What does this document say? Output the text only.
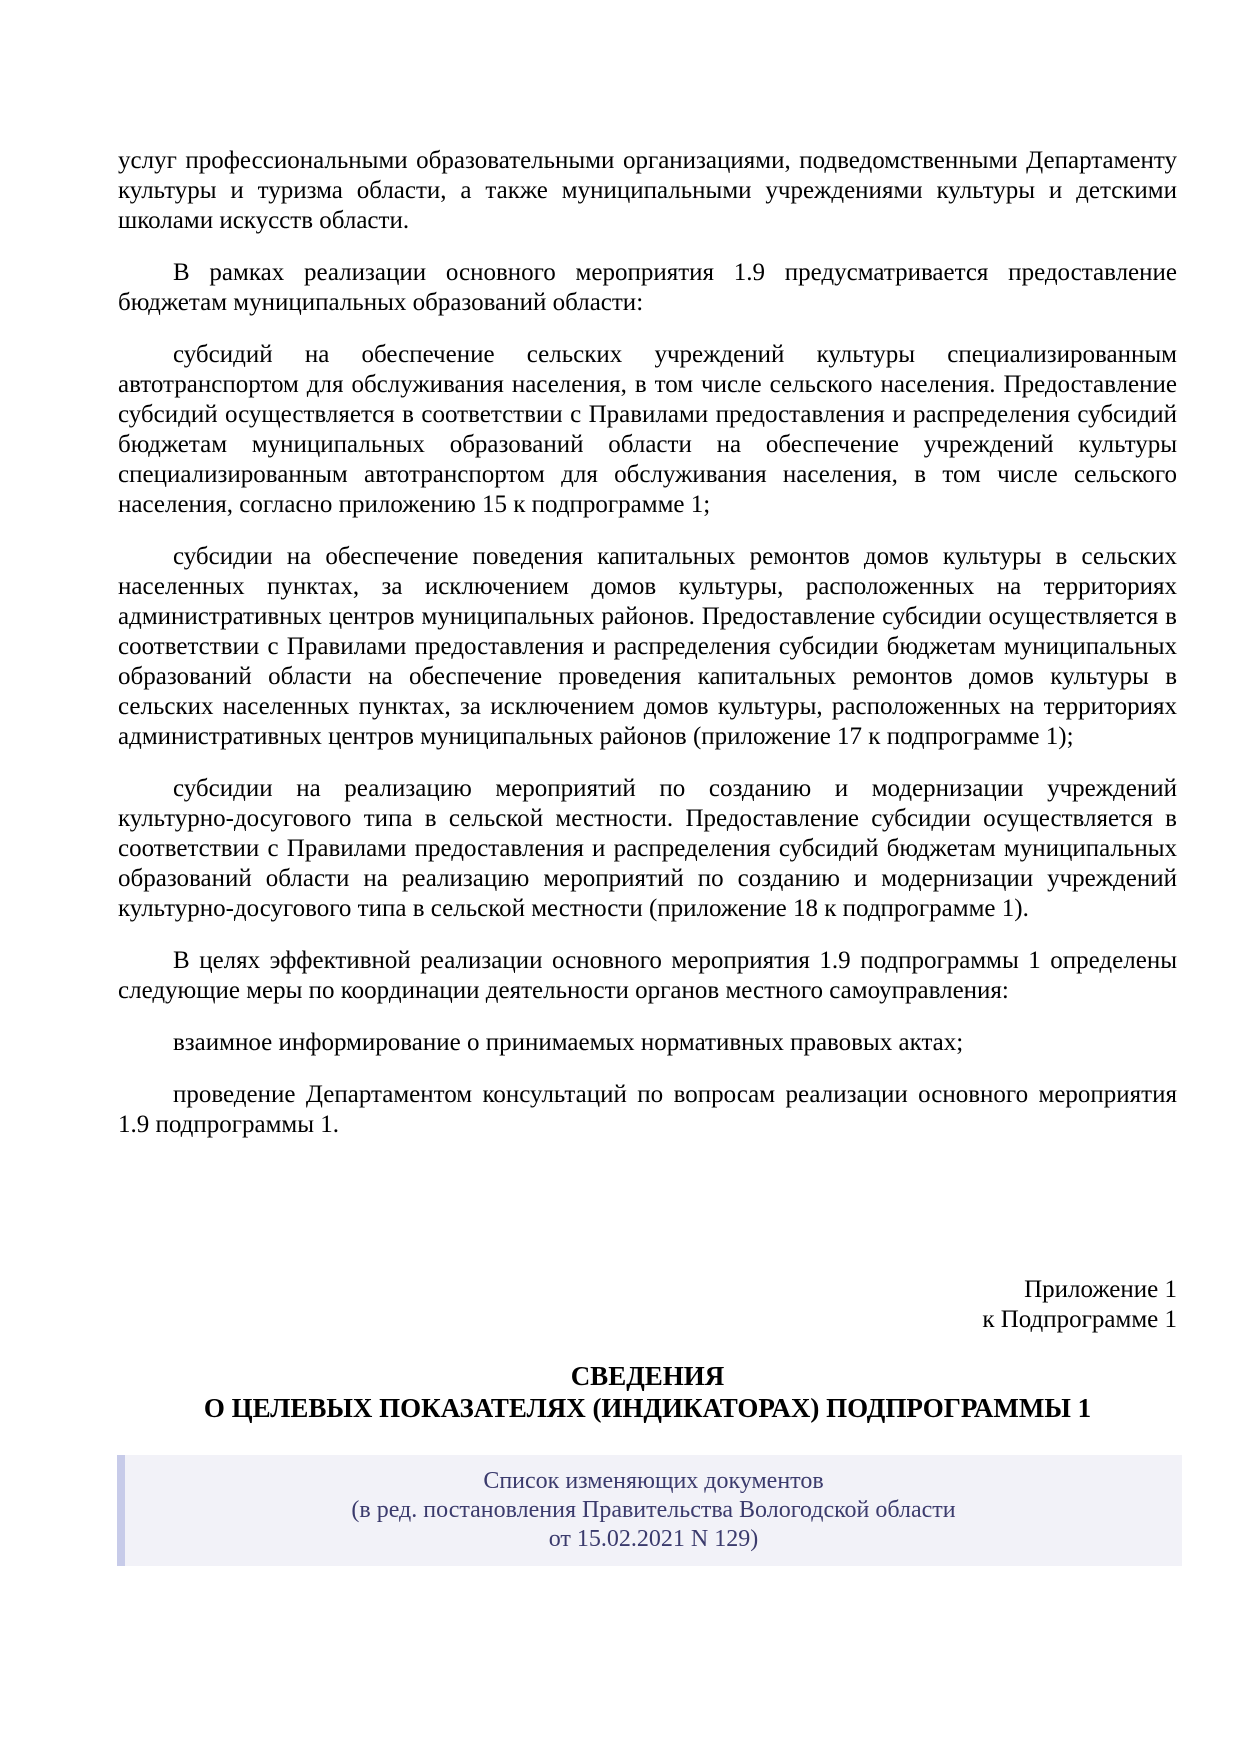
услуг профессиональными образовательными организациями, подведомственными Департаменту
культуры и туризма области, а также муниципальными учреждениями культуры и детскими
школами искусств области.
В рамках реализации основного мероприятия 1.9 предусматривается предоставление
бюджетам муниципальных образований области:
субсидий на обеспечение сельских учреждений культуры специализированным
автотранспортом для обслуживания населения, в том числе сельского населения. Предоставление
субсидий осуществляется в соответствии с Правилами предоставления и распределения субсидий
бюджетам муниципальных образований области на обеспечение учреждений культуры
специализированным автотранспортом для обслуживания населения, в том числе сельского
населения, согласно приложению 15 к подпрограмме 1;
субсидии на обеспечение поведения капитальных ремонтов домов культуры в сельских
населенных пунктах, за исключением домов культуры, расположенных на территориях
административных центров муниципальных районов. Предоставление субсидии осуществляется в
соответствии с Правилами предоставления и распределения субсидии бюджетам муниципальных
образований области на обеспечение проведения капитальных ремонтов домов культуры в
сельских населенных пунктах, за исключением домов культуры, расположенных на территориях
административных центров муниципальных районов (приложение 17 к подпрограмме 1);
субсидии на реализацию мероприятий по созданию и модернизации учреждений
культурно-досугового типа в сельской местности. Предоставление субсидии осуществляется в
соответствии с Правилами предоставления и распределения субсидий бюджетам муниципальных
образований области на реализацию мероприятий по созданию и модернизации учреждений
культурно-досугового типа в сельской местности (приложение 18 к подпрограмме 1).
В целях эффективной реализации основного мероприятия 1.9 подпрограммы 1 определены
следующие меры по координации деятельности органов местного самоуправления:
взаимное информирование о принимаемых нормативных правовых актах;
проведение Департаментом консультаций по вопросам реализации основного мероприятия
1.9 подпрограммы 1.
Приложение 1
к Подпрограмме 1
СВЕДЕНИЯ
О ЦЕЛЕВЫХ ПОКАЗАТЕЛЯХ (ИНДИКАТОРАХ) ПОДПРОГРАММЫ 1
Список изменяющих документов
(в ред. постановления Правительства Вологодской области
от 15.02.2021 N 129)
